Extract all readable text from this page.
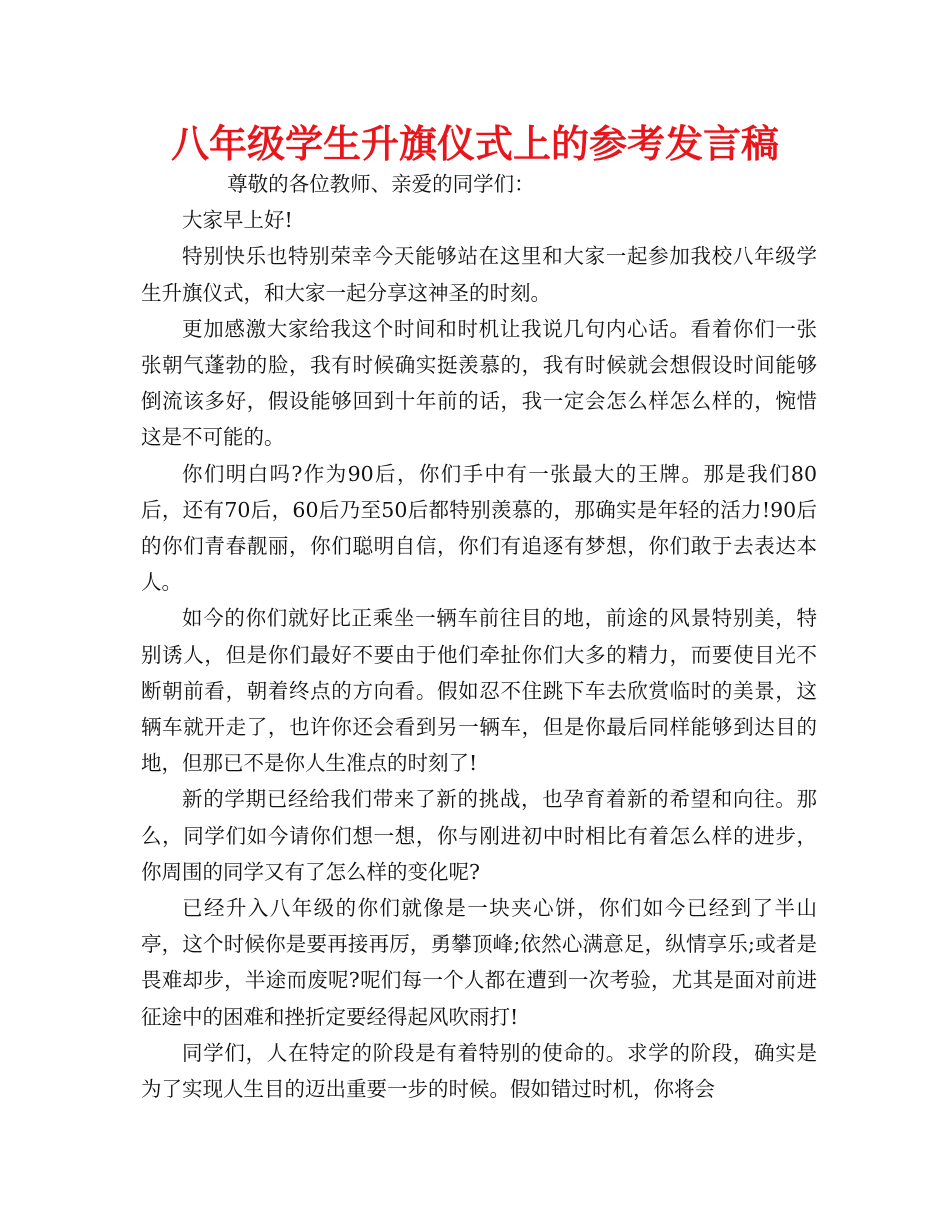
八年级学生升旗仪式上的参考发言稿

尊敬的各位教师、亲爱的同学们：

大家早上好!

特别快乐也特别荣幸今天能够站在这里和大家一起参加我校八年级学生升旗仪式，和大家一起分享这神圣的时刻。

更加感激大家给我这个时间和时机让我说几句内心话。看着你们一张张朝气蓬勃的脸，我有时候确实挺羡慕的，我有时候就会想假设时间能够倒流该多好，假设能够回到十年前的话，我一定会怎么样怎么样的，惋惜这是不可能的。

你们明白吗?作为90后，你们手中有一张最大的王牌。那是我们80后，还有70后，60后乃至50后都特别羡慕的，那确实是年轻的活力!90后的你们青春靓丽，你们聪明自信，你们有追逐有梦想，你们敢于去表达本人。

如今的你们就好比正乘坐一辆车前往目的地，前途的风景特别美，特别诱人，但是你们最好不要由于他们牵扯你们大多的精力，而要使目光不断朝前看，朝着终点的方向看。假如忍不住跳下车去欣赏临时的美景，这辆车就开走了，也许你还会看到另一辆车，但是你最后同样能够到达目的地，但那已不是你人生准点的时刻了!

新的学期已经给我们带来了新的挑战，也孕育着新的希望和向往。那么，同学们如今请你们想一想，你与刚进初中时相比有着怎么样的进步，你周围的同学又有了怎么样的变化呢?

已经升入八年级的你们就像是一块夹心饼，你们如今已经到了半山亭，这个时候你是要再接再厉，勇攀顶峰;依然心满意足，纵情享乐;或者是畏难却步，半途而废呢?呢们每一个人都在遭到一次考验，尤其是面对前进征途中的困难和挫折定要经得起风吹雨打!

同学们，人在特定的阶段是有着特别的使命的。求学的阶段，确实是为了实现人生目的迈出重要一步的时候。假如错过时机，你将会
